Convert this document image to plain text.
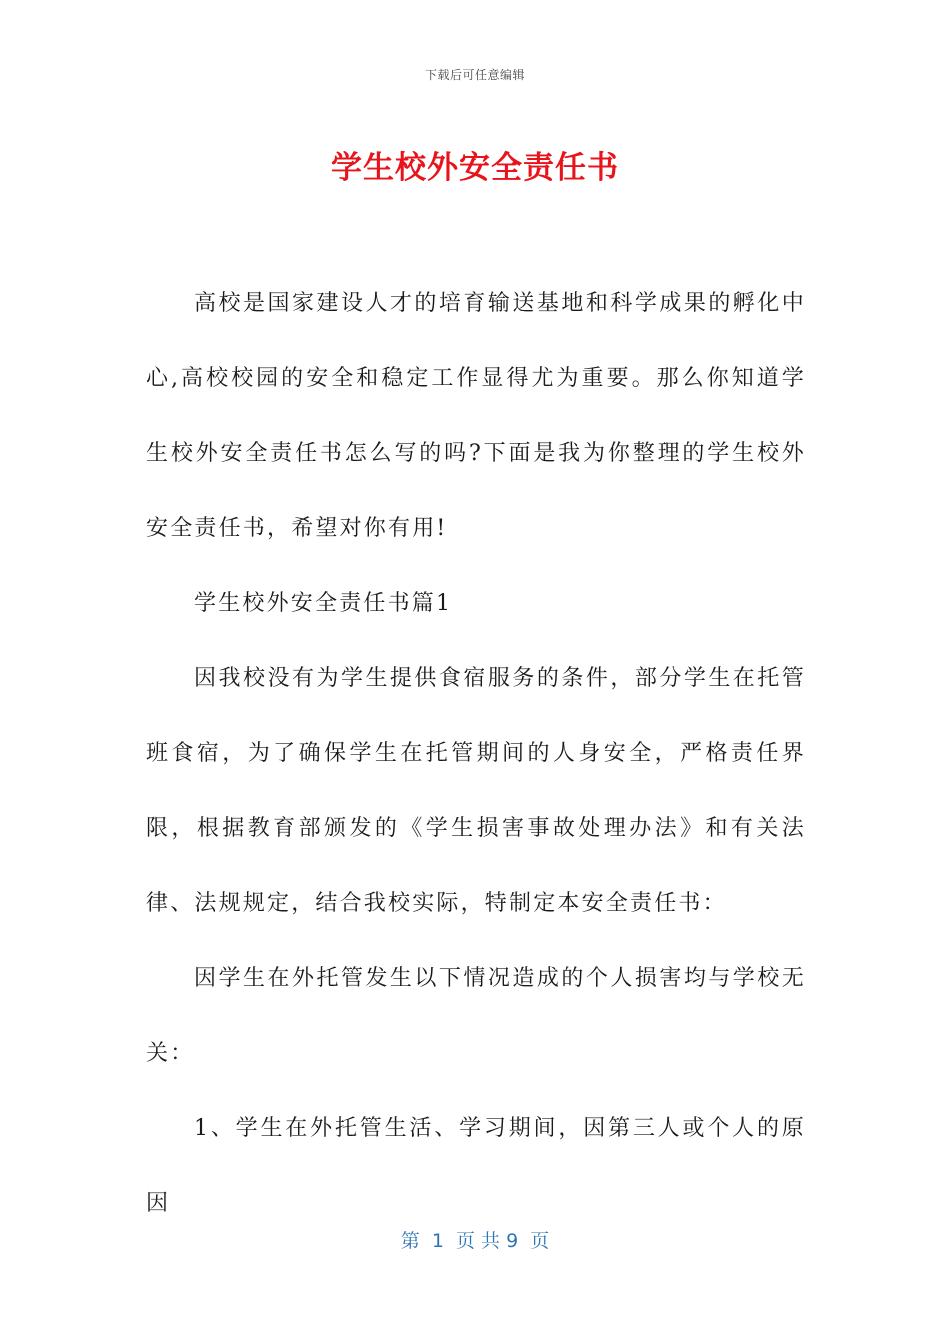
下载后可任意编辑
学生校外安全责任书

高校是国家建设人才的培育输送基地和科学成果的孵化中心,高校校园的安全和稳定工作显得尤为重要。那么你知道学生校外安全责任书怎么写的吗?下面是我为你整理的学生校外安全责任书，希望对你有用!

学生校外安全责任书篇1

因我校没有为学生提供食宿服务的条件，部分学生在托管班食宿，为了确保学生在托管期间的人身安全，严格责任界限，根据教育部颁发的《学生损害事故处理办法》和有关法律、法规规定，结合我校实际，特制定本安全责任书：

因学生在外托管发生以下情况造成的个人损害均与学校无关：

1、学生在外托管生活、学习期间，因第三人或个人的原因

第  1  页 共 9  页
